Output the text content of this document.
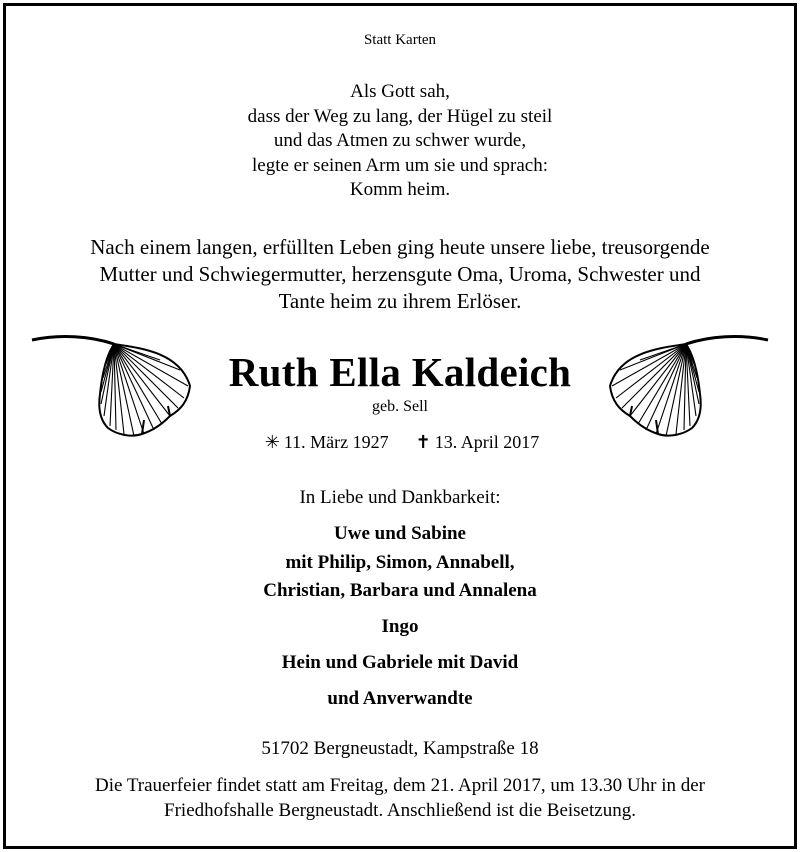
Statt Karten
Als Gott sah,
dass der Weg zu lang, der Hügel zu steil
und das Atmen zu schwer wurde,
legte er seinen Arm um sie und sprach:
Komm heim.
Nach einem langen, erfüllten Leben ging heute unsere liebe, treusorgende
Mutter und Schwiegermutter, herzensgute Oma, Uroma, Schwester und
Tante heim zu ihrem Erlöser.
Ruth Ella Kaldeich
geb. Sell
✳ 11. März 1927 ✝ 13. April 2017
In Liebe und Dankbarkeit:
Uwe und Sabine
mit Philip, Simon, Annabell,
Christian, Barbara und Annalena
Ingo
Hein und Gabriele mit David
und Anverwandte
51702 Bergneustadt, Kampstraße 18
Die Trauerfeier findet statt am Freitag, dem 21. April 2017, um 13.30 Uhr in der
Friedhofshalle Bergneustadt. Anschließend ist die Beisetzung.
